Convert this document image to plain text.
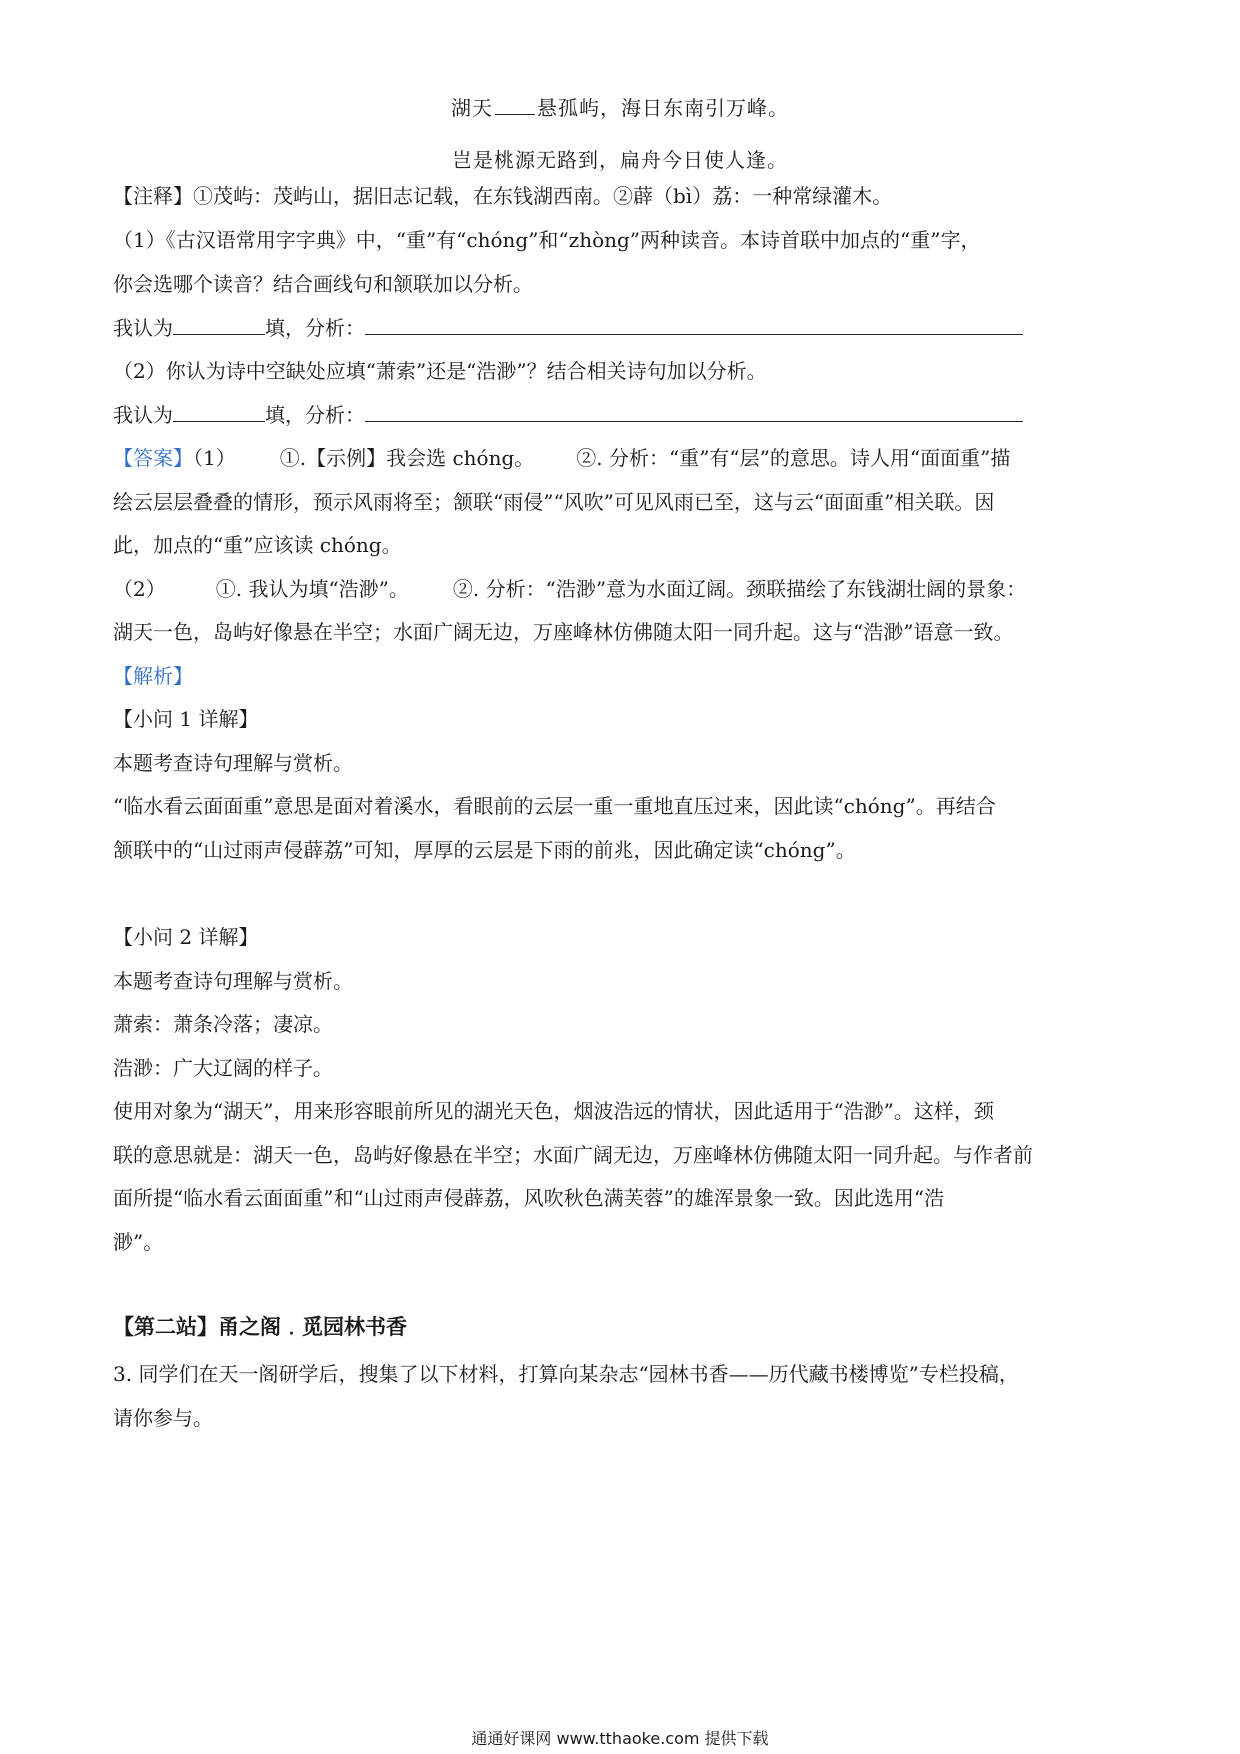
湖天 悬孤屿，海日东南引万峰。
岂是桃源无路到，扁舟今日使人逢。
【注释】①茂屿：茂屿山，据旧志记载，在东钱湖西南。②薜（bì）荔：一种常绿灌木。
（1）《古汉语常用字字典》中，“重”有“chóng”和“zhòng”两种读音。本诗首联中加点的“重”字，
你会选哪个读音？结合画线句和颔联加以分析。
我认为	填，分析：
（2）你认为诗中空缺处应填“萧索”还是“浩渺”？结合相关诗句加以分析。
我认为	填，分析：
【答案】（1） ①.【示例】我会选 chóng。 ②. 分析：“重”有“层”的意思。诗人用“面面重”描
绘云层层叠叠的情形，预示风雨将至；颔联“雨侵”“风吹”可见风雨已至，这与云“面面重”相关联。因
此，加点的“重”应该读 chóng。
（2）	①. 我认为填“浩渺”。 ②. 分析：“浩渺”意为水面辽阔。颈联描绘了东钱湖壮阔的景象：
湖天一色，岛屿好像悬在半空；水面广阔无边，万座峰林仿佛随太阳一同升起。这与“浩渺”语意一致。
【解析】
【小问 1 详解】
本题考查诗句理解与赏析。
“临水看云面面重”意思是面对着溪水，看眼前的云层一重一重地直压过来，因此读“chóng”。再结合
颔联中的“山过雨声侵薜荔”可知，厚厚的云层是下雨的前兆，因此确定读“chóng”。
【小问 2 详解】
本题考查诗句理解与赏析。
萧索：萧条冷落；凄凉。
浩渺：广大辽阔的样子。
使用对象为“湖天”，用来形容眼前所见的湖光天色，烟波浩远的情状，因此适用于“浩渺”。这样，颈
联的意思就是：湖天一色，岛屿好像悬在半空；水面广阔无边，万座峰林仿佛随太阳一同升起。与作者前
面所提“临水看云面面重”和“山过雨声侵薜荔，风吹秋色满芙蓉”的雄浑景象一致。因此选用“浩
渺”。
【第二站】甬之阁﹒觅园林书香
3. 同学们在天一阁研学后，搜集了以下材料，打算向某杂志“园林书香——历代藏书楼博览”专栏投稿，
请你参与。
通通好课网 www.tthaoke.com 提供下载
